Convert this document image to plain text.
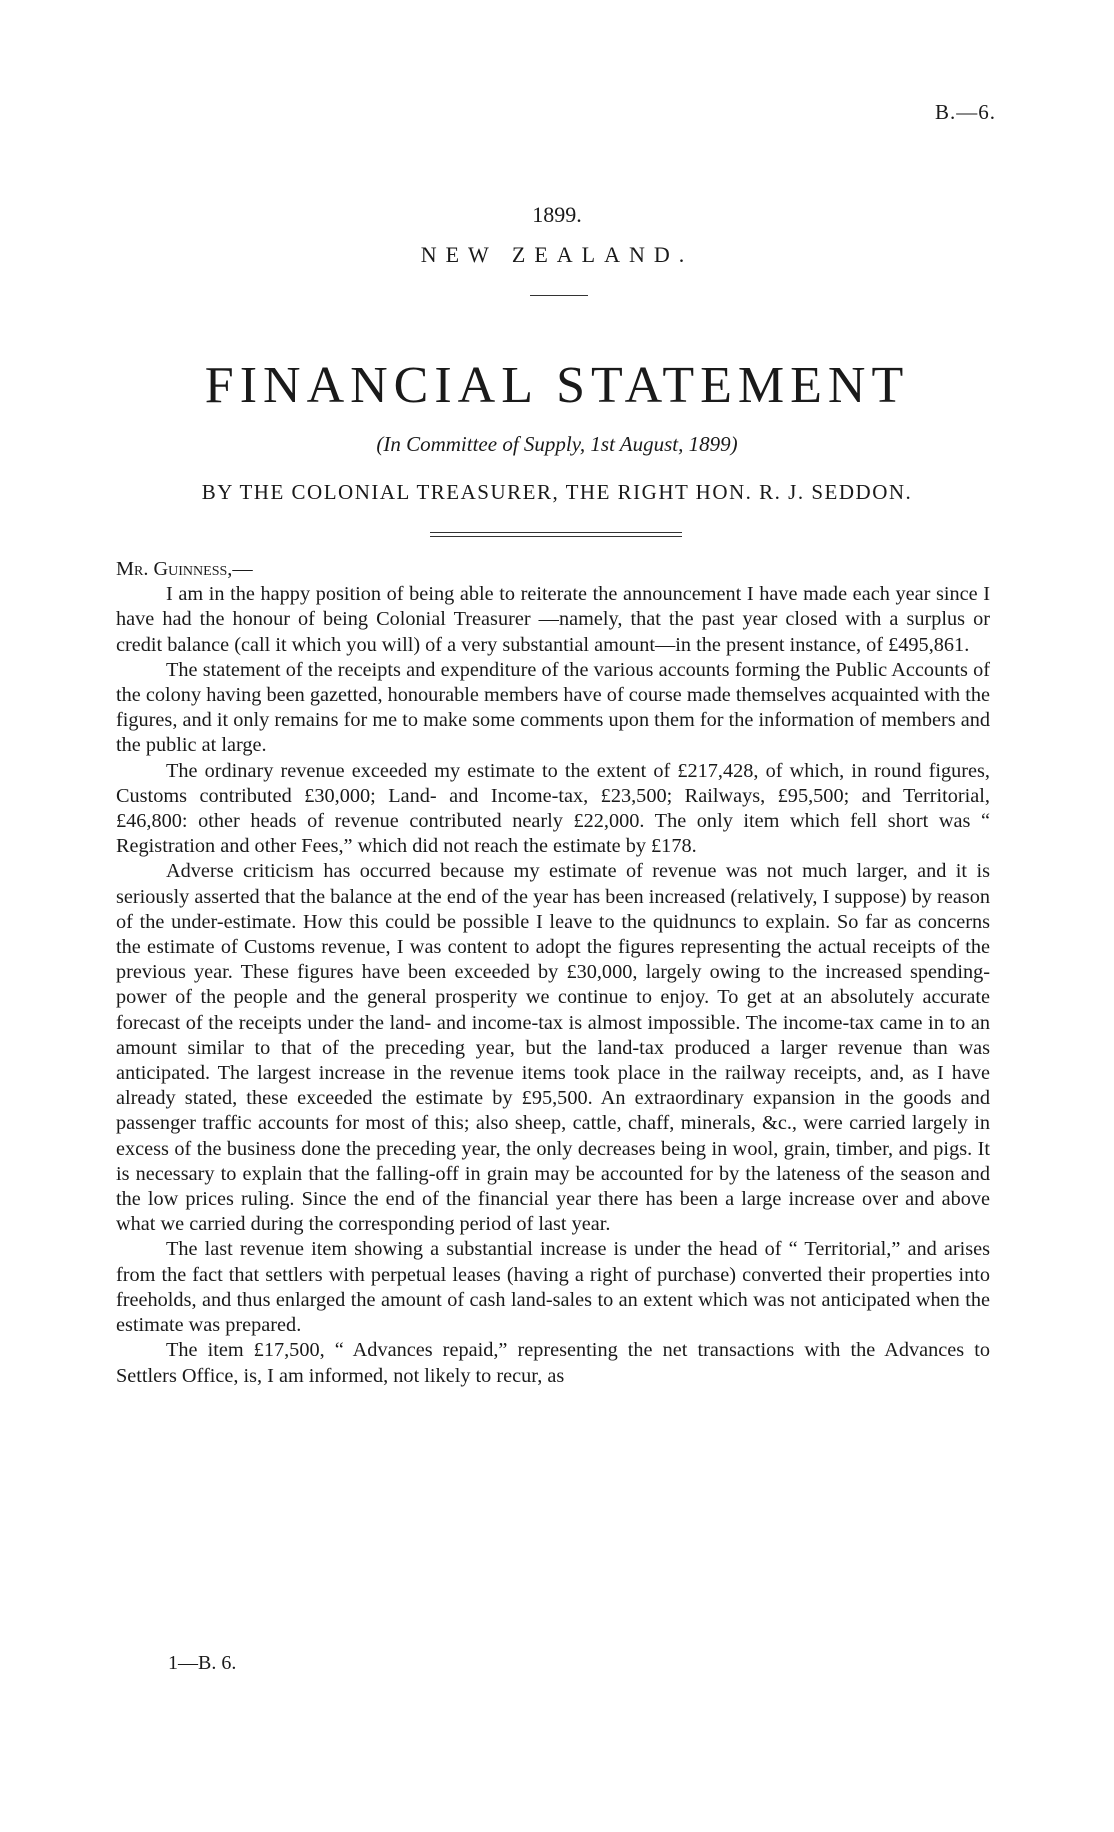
B.—6.
1899.
NEW ZEALAND.
FINANCIAL STATEMENT
(In Committee of Supply, 1st August, 1899)
BY THE COLONIAL TREASURER, THE RIGHT HON. R. J. SEDDON.

Mr. Guinness,—

I am in the happy position of being able to reiterate the announcement I have made each year since I have had the honour of being Colonial Treasurer —namely, that the past year closed with a surplus or credit balance (call it which you will) of a very substantial amount—in the present instance, of £495,861.

The statement of the receipts and expenditure of the various accounts forming the Public Accounts of the colony having been gazetted, honourable members have of course made themselves acquainted with the figures, and it only remains for me to make some comments upon them for the information of members and the public at large.

The ordinary revenue exceeded my estimate to the extent of £217,428, of which, in round figures, Customs contributed £30,000; Land- and Income-tax, £23,500; Railways, £95,500; and Territorial, £46,800: other heads of revenue contributed nearly £22,000. The only item which fell short was “ Registration and other Fees,” which did not reach the estimate by £178.

Adverse criticism has occurred because my estimate of revenue was not much larger, and it is seriously asserted that the balance at the end of the year has been increased (relatively, I suppose) by reason of the under-estimate. How this could be possible I leave to the quidnuncs to explain. So far as concerns the estimate of Customs revenue, I was content to adopt the figures representing the actual receipts of the previous year. These figures have been exceeded by £30,000, largely owing to the increased spending-power of the people and the general prosperity we continue to enjoy. To get at an absolutely accurate forecast of the receipts under the land- and income-tax is almost impossible. The income-tax came in to an amount similar to that of the preceding year, but the land-tax produced a larger revenue than was anticipated. The largest increase in the revenue items took place in the railway receipts, and, as I have already stated, these exceeded the estimate by £95,500. An extraordinary expansion in the goods and passenger traffic accounts for most of this; also sheep, cattle, chaff, minerals, &c., were carried largely in excess of the business done the preceding year, the only decreases being in wool, grain, timber, and pigs. It is necessary to explain that the falling-off in grain may be accounted for by the lateness of the season and the low prices ruling. Since the end of the financial year there has been a large increase over and above what we carried during the corresponding period of last year.

The last revenue item showing a substantial increase is under the head of “ Territorial,” and arises from the fact that settlers with perpetual leases (having a right of purchase) converted their properties into freeholds, and thus enlarged the amount of cash land-sales to an extent which was not anticipated when the estimate was prepared.

The item £17,500, “ Advances repaid,” representing the net transactions with the Advances to Settlers Office, is, I am informed, not likely to recur, as

1—B. 6.
